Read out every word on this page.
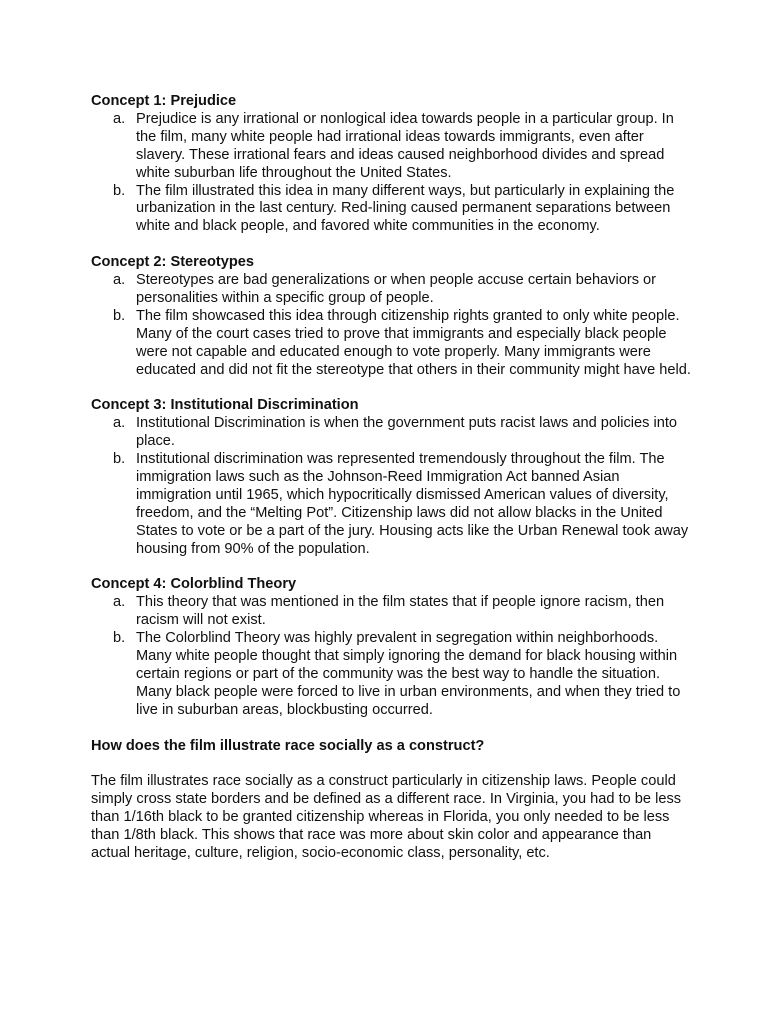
Concept 1: Prejudice

a. Prejudice is any irrational or nonlogical idea towards people in a particular group. In the film, many white people had irrational ideas towards immigrants, even after slavery. These irrational fears and ideas caused neighborhood divides and spread white suburban life throughout the United States.
b. The film illustrated this idea in many different ways, but particularly in explaining the urbanization in the last century. Red-lining caused permanent separations between white and black people, and favored white communities in the economy.

Concept 2: Stereotypes

a. Stereotypes are bad generalizations or when people accuse certain behaviors or personalities within a specific group of people.
b. The film showcased this idea through citizenship rights granted to only white people. Many of the court cases tried to prove that immigrants and especially black people were not capable and educated enough to vote properly. Many immigrants were educated and did not fit the stereotype that others in their community might have held.

Concept 3: Institutional Discrimination

a. Institutional Discrimination is when the government puts racist laws and policies into place.
b. Institutional discrimination was represented tremendously throughout the film. The immigration laws such as the Johnson-Reed Immigration Act banned Asian immigration until 1965, which hypocritically dismissed American values of diversity, freedom, and the “Melting Pot”. Citizenship laws did not allow blacks in the United States to vote or be a part of the jury. Housing acts like the Urban Renewal took away housing from 90% of the population.

Concept 4: Colorblind Theory

a. This theory that was mentioned in the film states that if people ignore racism, then racism will not exist.
b. The Colorblind Theory was highly prevalent in segregation within neighborhoods. Many white people thought that simply ignoring the demand for black housing within certain regions or part of the community was the best way to handle the situation. Many black people were forced to live in urban environments, and when they tried to live in suburban areas, blockbusting occurred.

How does the film illustrate race socially as a construct?

The film illustrates race socially as a construct particularly in citizenship laws. People could simply cross state borders and be defined as a different race. In Virginia, you had to be less than 1/16th black to be granted citizenship whereas in Florida, you only needed to be less than 1/8th black. This shows that race was more about skin color and appearance than actual heritage, culture, religion, socio-economic class, personality, etc.
